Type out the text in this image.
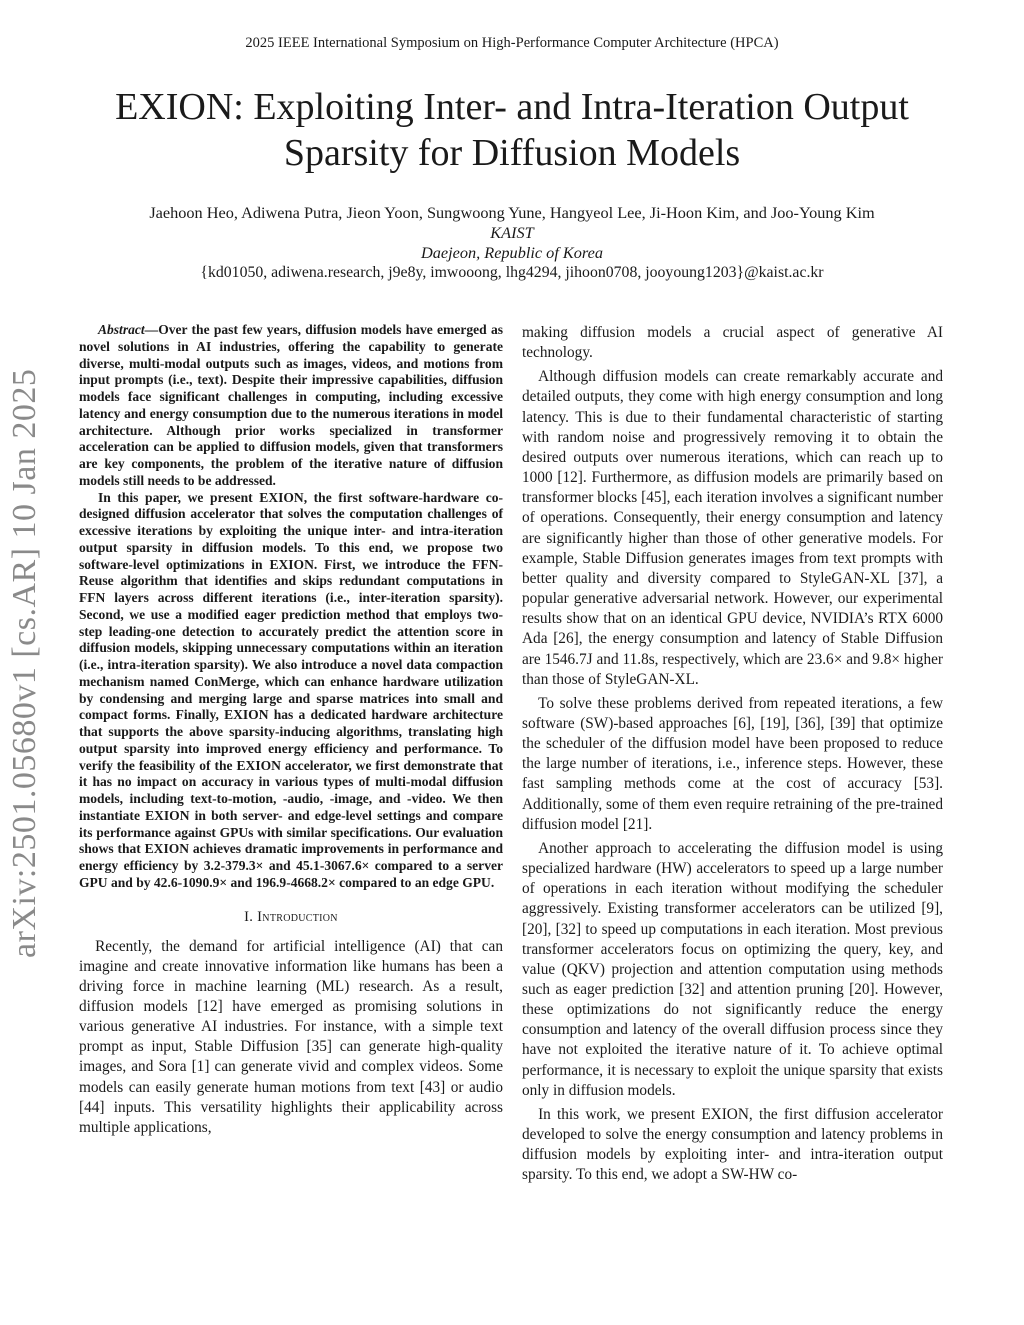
2025 IEEE International Symposium on High-Performance Computer Architecture (HPCA)
EXION: Exploiting Inter- and Intra-Iteration Output Sparsity for Diffusion Models
Jaehoon Heo, Adiwena Putra, Jieon Yoon, Sungwoong Yune, Hangyeol Lee, Ji-Hoon Kim, and Joo-Young Kim
KAIST
Daejeon, Republic of Korea
{kd01050, adiwena.research, j9e8y, imwooong, lhg4294, jihoon0708, jooyoung1203}@kaist.ac.kr
arXiv:2501.05680v1 [cs.AR] 10 Jan 2025

Abstract—Over the past few years, diffusion models have emerged as novel solutions in AI industries, offering the capability to generate diverse, multi-modal outputs such as images, videos, and motions from input prompts (i.e., text). Despite their impressive capabilities, diffusion models face significant challenges in computing, including excessive latency and energy consumption due to the numerous iterations in model architecture. Although prior works specialized in transformer acceleration can be applied to diffusion models, given that transformers are key components, the problem of the iterative nature of diffusion models still needs to be addressed.

In this paper, we present EXION, the first software-hardware co-designed diffusion accelerator that solves the computation challenges of excessive iterations by exploiting the unique inter- and intra-iteration output sparsity in diffusion models. To this end, we propose two software-level optimizations in EXION. First, we introduce the FFN-Reuse algorithm that identifies and skips redundant computations in FFN layers across different iterations (i.e., inter-iteration sparsity). Second, we use a modified eager prediction method that employs two-step leading-one detection to accurately predict the attention score in diffusion models, skipping unnecessary computations within an iteration (i.e., intra-iteration sparsity). We also introduce a novel data compaction mechanism named ConMerge, which can enhance hardware utilization by condensing and merging large and sparse matrices into small and compact forms. Finally, EXION has a dedicated hardware architecture that supports the above sparsity-inducing algorithms, translating high output sparsity into improved energy efficiency and performance. To verify the feasibility of the EXION accelerator, we first demonstrate that it has no impact on accuracy in various types of multi-modal diffusion models, including text-to-motion, -audio, -image, and -video. We then instantiate EXION in both server- and edge-level settings and compare its performance against GPUs with similar specifications. Our evaluation shows that EXION achieves dramatic improvements in performance and energy efficiency by 3.2-379.3× and 45.1-3067.6× compared to a server GPU and by 42.6-1090.9× and 196.9-4668.2× compared to an edge GPU.

I. Introduction

Recently, the demand for artificial intelligence (AI) that can imagine and create innovative information like humans has been a driving force in machine learning (ML) research. As a result, diffusion models [12] have emerged as promising solutions in various generative AI industries. For instance, with a simple text prompt as input, Stable Diffusion [35] can generate high-quality images, and Sora [1] can generate vivid and complex videos. Some models can easily generate human motions from text [43] or audio [44] inputs. This versatility highlights their applicability across multiple applications,

making diffusion models a crucial aspect of generative AI technology.

Although diffusion models can create remarkably accurate and detailed outputs, they come with high energy consumption and long latency. This is due to their fundamental characteristic of starting with random noise and progressively removing it to obtain the desired outputs over numerous iterations, which can reach up to 1000 [12]. Furthermore, as diffusion models are primarily based on transformer blocks [45], each iteration involves a significant number of operations. Consequently, their energy consumption and latency are significantly higher than those of other generative models. For example, Stable Diffusion generates images from text prompts with better quality and diversity compared to StyleGAN-XL [37], a popular generative adversarial network. However, our experimental results show that on an identical GPU device, NVIDIA’s RTX 6000 Ada [26], the energy consumption and latency of Stable Diffusion are 1546.7J and 11.8s, respectively, which are 23.6× and 9.8× higher than those of StyleGAN-XL.

To solve these problems derived from repeated iterations, a few software (SW)-based approaches [6], [19], [36], [39] that optimize the scheduler of the diffusion model have been proposed to reduce the large number of iterations, i.e., inference steps. However, these fast sampling methods come at the cost of accuracy [53]. Additionally, some of them even require retraining of the pre-trained diffusion model [21].

Another approach to accelerating the diffusion model is using specialized hardware (HW) accelerators to speed up a large number of operations in each iteration without modifying the scheduler aggressively. Existing transformer accelerators can be utilized [9], [20], [32] to speed up computations in each iteration. Most previous transformer accelerators focus on optimizing the query, key, and value (QKV) projection and attention computation using methods such as eager prediction [32] and attention pruning [20]. However, these optimizations do not significantly reduce the energy consumption and latency of the overall diffusion process since they have not exploited the iterative nature of it. To achieve optimal performance, it is necessary to exploit the unique sparsity that exists only in diffusion models.

In this work, we present EXION, the first diffusion accelerator developed to solve the energy consumption and latency problems in diffusion models by exploiting inter- and intra-iteration output sparsity. To this end, we adopt a SW-HW co-
